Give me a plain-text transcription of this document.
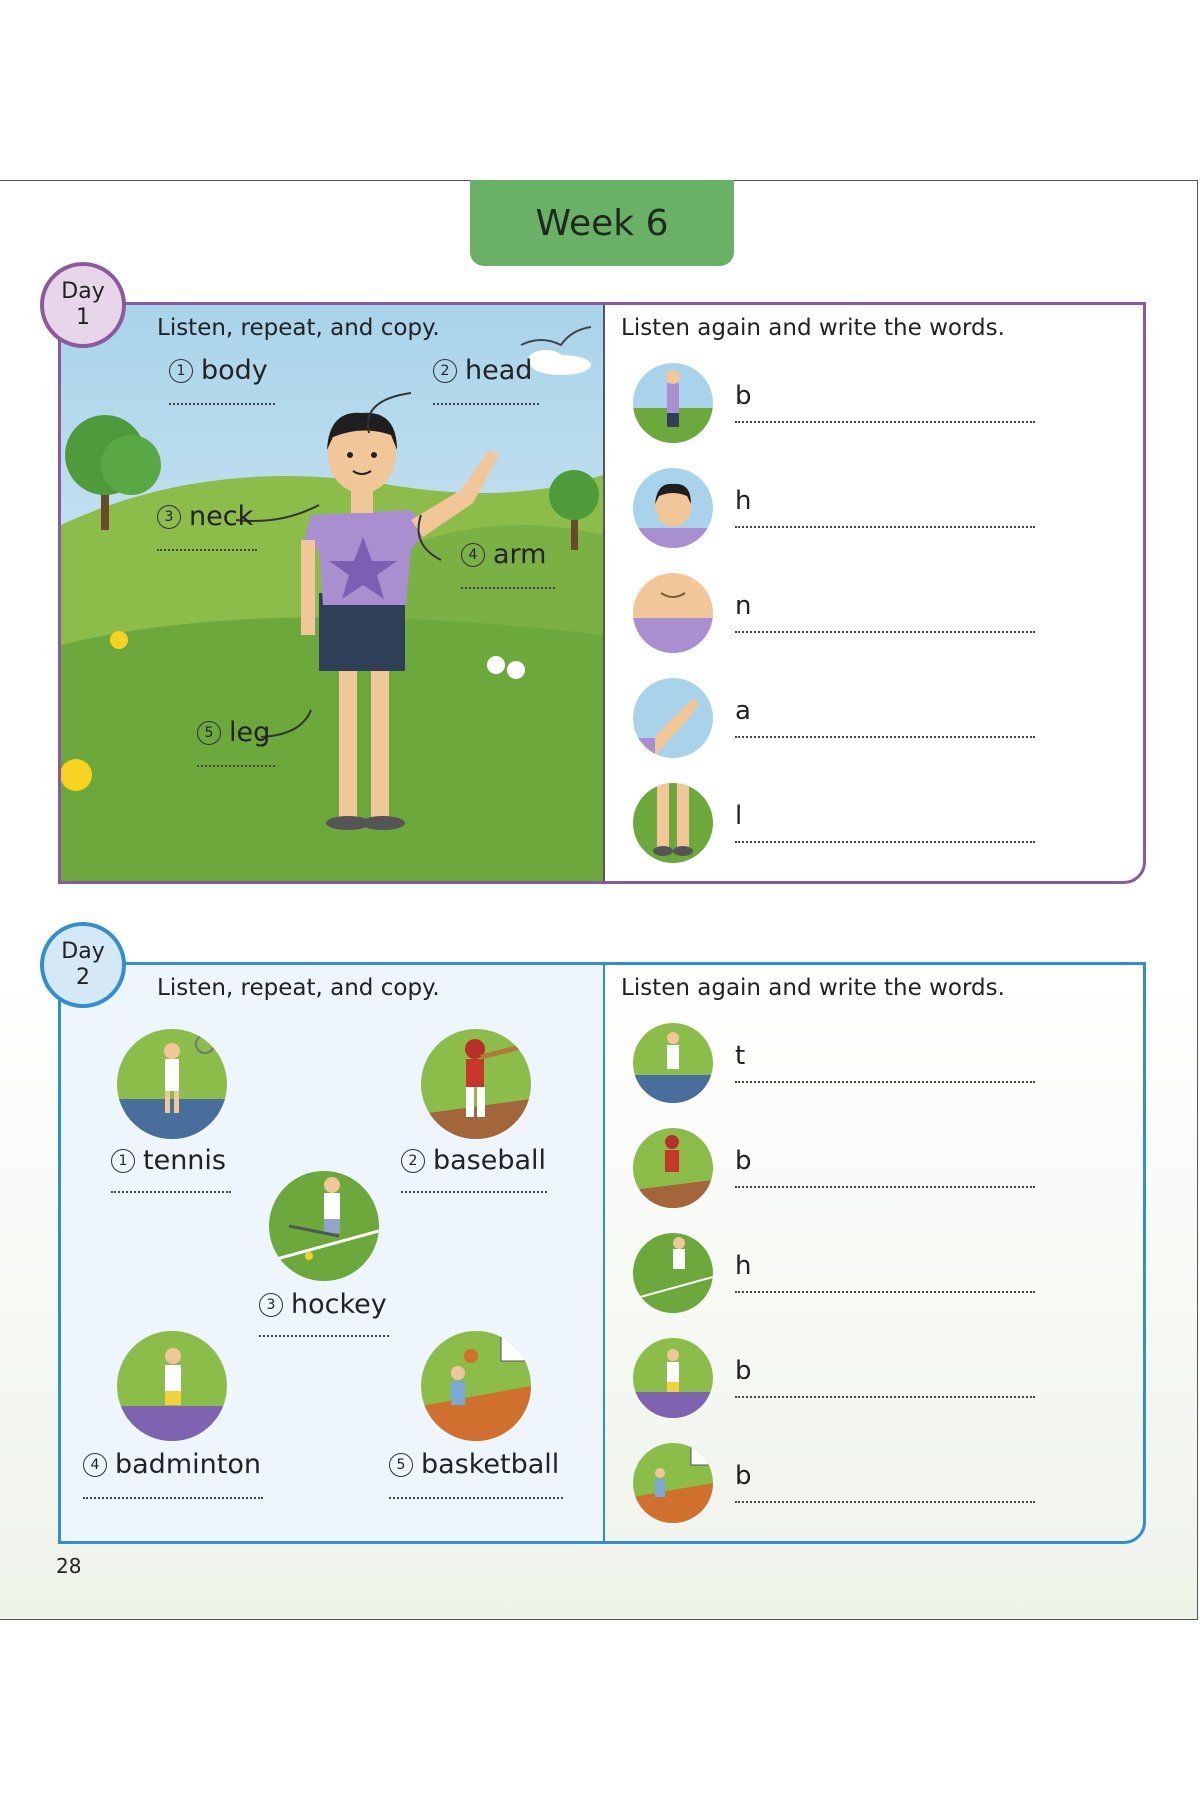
Week 6
Listen, repeat, and copy.
1 body	2 head
3 neck
4 arm
5 leg
Listen again and write the words.
b
h
n
a
l
Day
1
Listen, repeat, and copy.
1 tennis	2 baseball
3 hockey
4 badminton	5 basketball
Listen again and write the words.
t
b
h
b
b
Day
2
28
